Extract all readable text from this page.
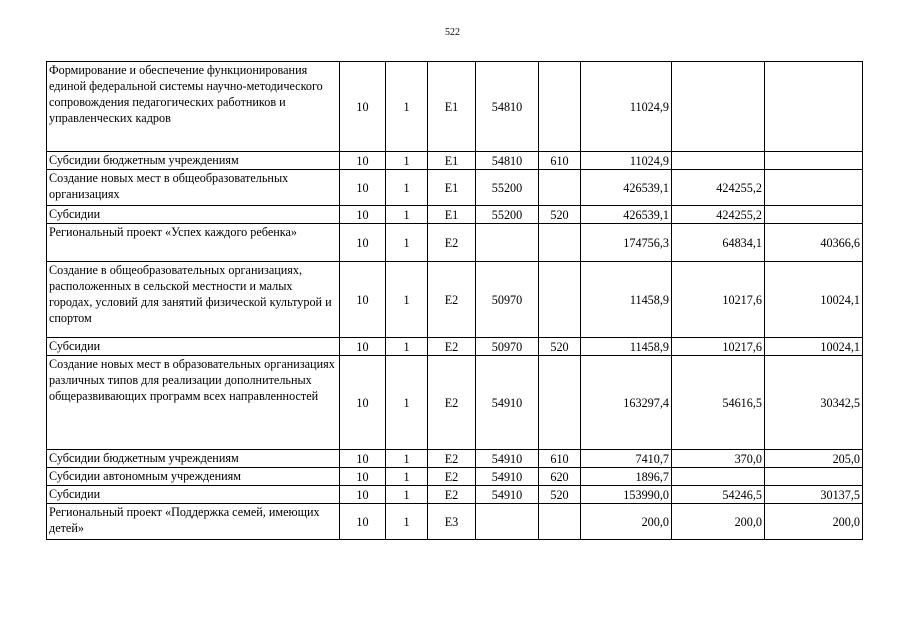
522
Формирование и обеспечение функционирования единой федеральной системы научно-методического сопровождения педагогических работников и управленческих кадров	10	1	E1	54810		11024,9		
Субсидии бюджетным учреждениям	10	1	E1	54810	610	11024,9		
Создание новых мест в общеобразовательных организациях	10	1	E1	55200		426539,1	424255,2	
Субсидии	10	1	E1	55200	520	426539,1	424255,2	
Региональный проект «Успех каждого ребенка»	10	1	E2			174756,3	64834,1	40366,6
Создание в общеобразовательных организациях, расположенных в сельской местности и малых городах, условий для занятий физической культурой и спортом	10	1	E2	50970		11458,9	10217,6	10024,1
Субсидии	10	1	E2	50970	520	11458,9	10217,6	10024,1
Создание новых мест в образовательных организациях различных типов для реализации дополнительных общеразвивающих программ всех направленностей	10	1	E2	54910		163297,4	54616,5	30342,5
Субсидии бюджетным учреждениям	10	1	E2	54910	610	7410,7	370,0	205,0
Субсидии автономным учреждениям	10	1	E2	54910	620	1896,7		
Субсидии	10	1	E2	54910	520	153990,0	54246,5	30137,5
Региональный проект «Поддержка семей, имеющих детей»	10	1	E3			200,0	200,0	200,0
